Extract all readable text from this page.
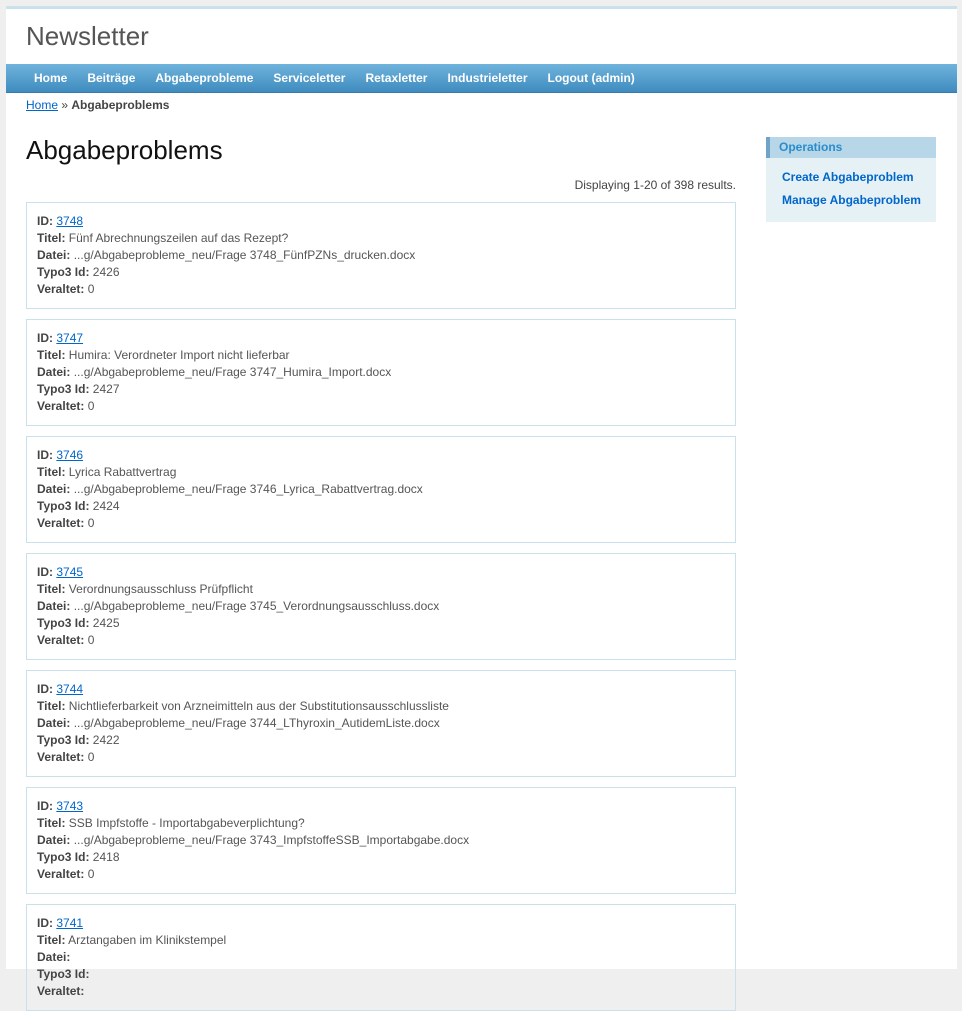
Newsletter
Home	Beiträge	Abgabeprobleme	Serviceletter	Retaxletter	Industrieletter	Logout (admin)
Home » Abgabeproblems
Abgabeproblems
Displaying 1-20 of 398 results.
ID: 3748
Titel: Fünf Abrechnungszeilen auf das Rezept?
Datei: ...g/Abgabeprobleme_neu/Frage 3748_FünfPZNs_drucken.docx
Typo3 Id: 2426
Veraltet: 0
ID: 3747
Titel: Humira: Verordneter Import nicht lieferbar
Datei: ...g/Abgabeprobleme_neu/Frage 3747_Humira_Import.docx
Typo3 Id: 2427
Veraltet: 0
ID: 3746
Titel: Lyrica Rabattvertrag
Datei: ...g/Abgabeprobleme_neu/Frage 3746_Lyrica_Rabattvertrag.docx
Typo3 Id: 2424
Veraltet: 0
ID: 3745
Titel: Verordnungsausschluss Prüfpflicht
Datei: ...g/Abgabeprobleme_neu/Frage 3745_Verordnungsausschluss.docx
Typo3 Id: 2425
Veraltet: 0
ID: 3744
Titel: Nichtlieferbarkeit von Arzneimitteln aus der Substitutionsausschlussliste
Datei: ...g/Abgabeprobleme_neu/Frage 3744_LThyroxin_AutidemListe.docx
Typo3 Id: 2422
Veraltet: 0
ID: 3743
Titel: SSB Impfstoffe - Importabgabeverplichtung?
Datei: ...g/Abgabeprobleme_neu/Frage 3743_ImpfstoffeSSB_Importabgabe.docx
Typo3 Id: 2418
Veraltet: 0
ID: 3741
Titel: Arztangaben im Klinikstempel
Datei:
Typo3 Id:
Veraltet:
Operations
Create Abgabeproblem
Manage Abgabeproblem
